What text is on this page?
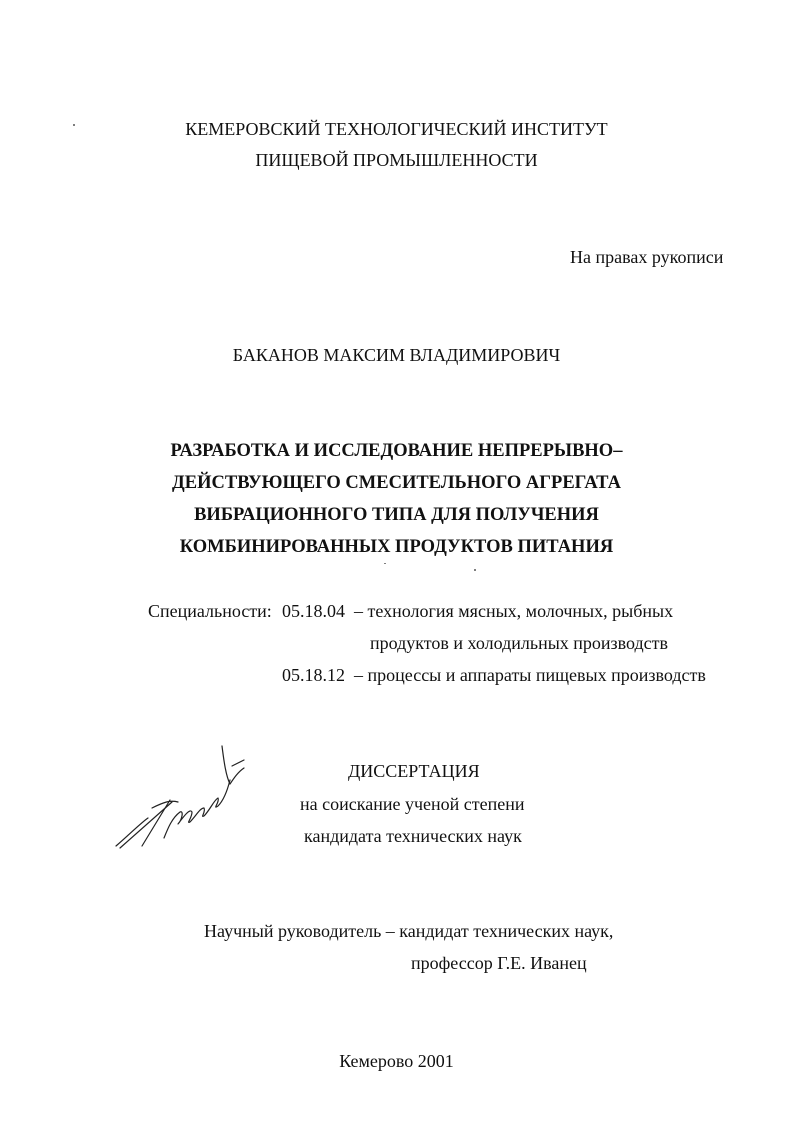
КЕМЕРОВСКИЙ ТЕХНОЛОГИЧЕСКИЙ ИНСТИТУТ
ПИЩЕВОЙ ПРОМЫШЛЕННОСТИ
На правах рукописи
БАКАНОВ МАКСИМ ВЛАДИМИРОВИЧ
РАЗРАБОТКА И ИССЛЕДОВАНИЕ НЕПРЕРЫВНО–
ДЕЙСТВУЮЩЕГО СМЕСИТЕЛЬНОГО АГРЕГАТА
ВИБРАЦИОННОГО ТИПА ДЛЯ ПОЛУЧЕНИЯ
КОМБИНИРОВАННЫХ ПРОДУКТОВ ПИТАНИЯ
Специальности: 05.18.04 – технология мясных, молочных, рыбных
продуктов и холодильных производств
05.18.12 – процессы и аппараты пищевых производств
ДИССЕРТАЦИЯ
на соискание ученой степени
кандидата технических наук
Научный руководитель – кандидат технических наук,
профессор Г.Е. Иванец
Кемерово 2001
